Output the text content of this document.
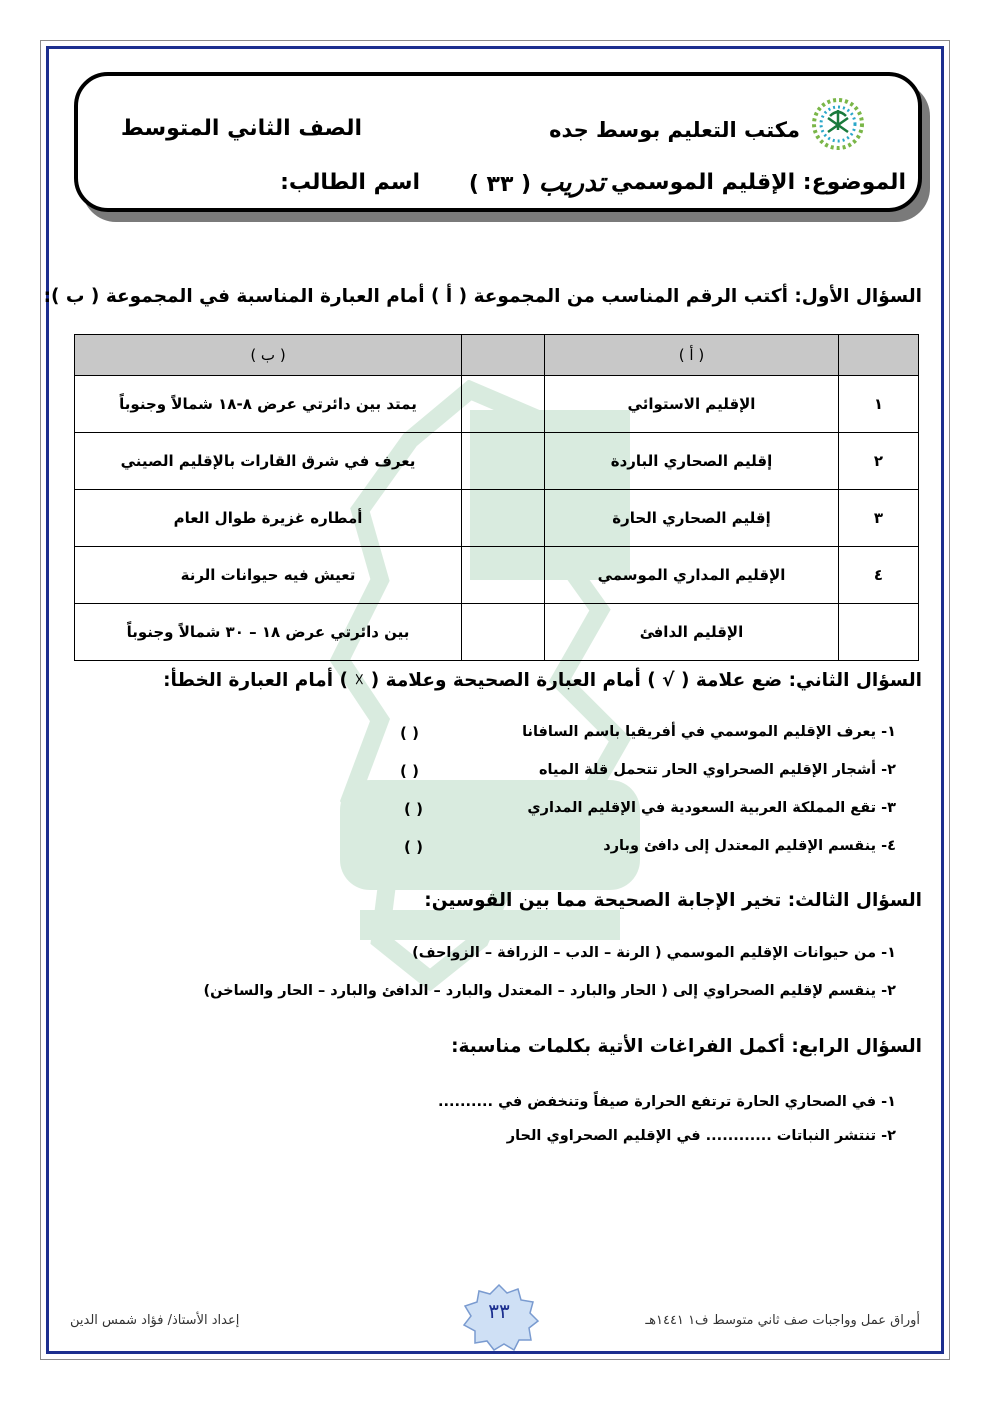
مكتب التعليم بوسط جده
الصف الثاني المتوسط
الموضوع: الإقليم الموسمي
تدريب ( ٣٣ )
اسم الطالب:
السؤال الأول: أكتب الرقم المناسب من المجموعة ( أ ) أمام العبارة المناسبة في المجموعة ( ب ):
	( أ )		( ب )
١	الإقليم الاستوائي		يمتد بين دائرتي عرض ٨-١٨ شمالاً وجنوباً
٢	إقليم الصحاري الباردة		يعرف في شرق القارات بالإقليم الصيني
٣	إقليم الصحاري الحارة		أمطاره غزيرة طوال العام
٤	الإقليم المداري الموسمي		تعيش فيه حيوانات الرنة
	الإقليم الدافئ		بين دائرتي عرض ١٨ – ٣٠ شمالاً وجنوباً
السؤال الثاني: ضع علامة ( √ ) أمام العبارة الصحيحة وعلامة ( ☓ ) أمام العبارة الخطأ:
١- يعرف الإقليم الموسمي في أفريقيا باسم السافانا
( )
٢- أشجار الإقليم الصحراوي الحار تتحمل قلة المياه
( )
٣- تقع المملكة العربية السعودية في الإقليم المداري
( )
٤- ينقسم الإقليم المعتدل إلى دافئ وبارد
( )
السؤال الثالث: تخير الإجابة الصحيحة مما بين القوسين:
١- من حيوانات الإقليم الموسمي ( الرنة – الدب – الزرافة – الزواحف)
٢- ينقسم لإقليم الصحراوي إلى ( الحار والبارد – المعتدل والبارد – الدافئ والبارد – الحار والساخن)
السؤال الرابع: أكمل الفراغات الأتية بكلمات مناسبة:
١- في الصحاري الحارة ترتفع الحرارة صيفاً وتنخفض في ..........
٢- تنتشر النباتات ............ في الإقليم الصحراوي الحار
٣٣	أوراق عمل وواجبات صف ثاني متوسط ف١ ١٤٤١هـ
إعداد الأستاذ/ فؤاد شمس الدين
